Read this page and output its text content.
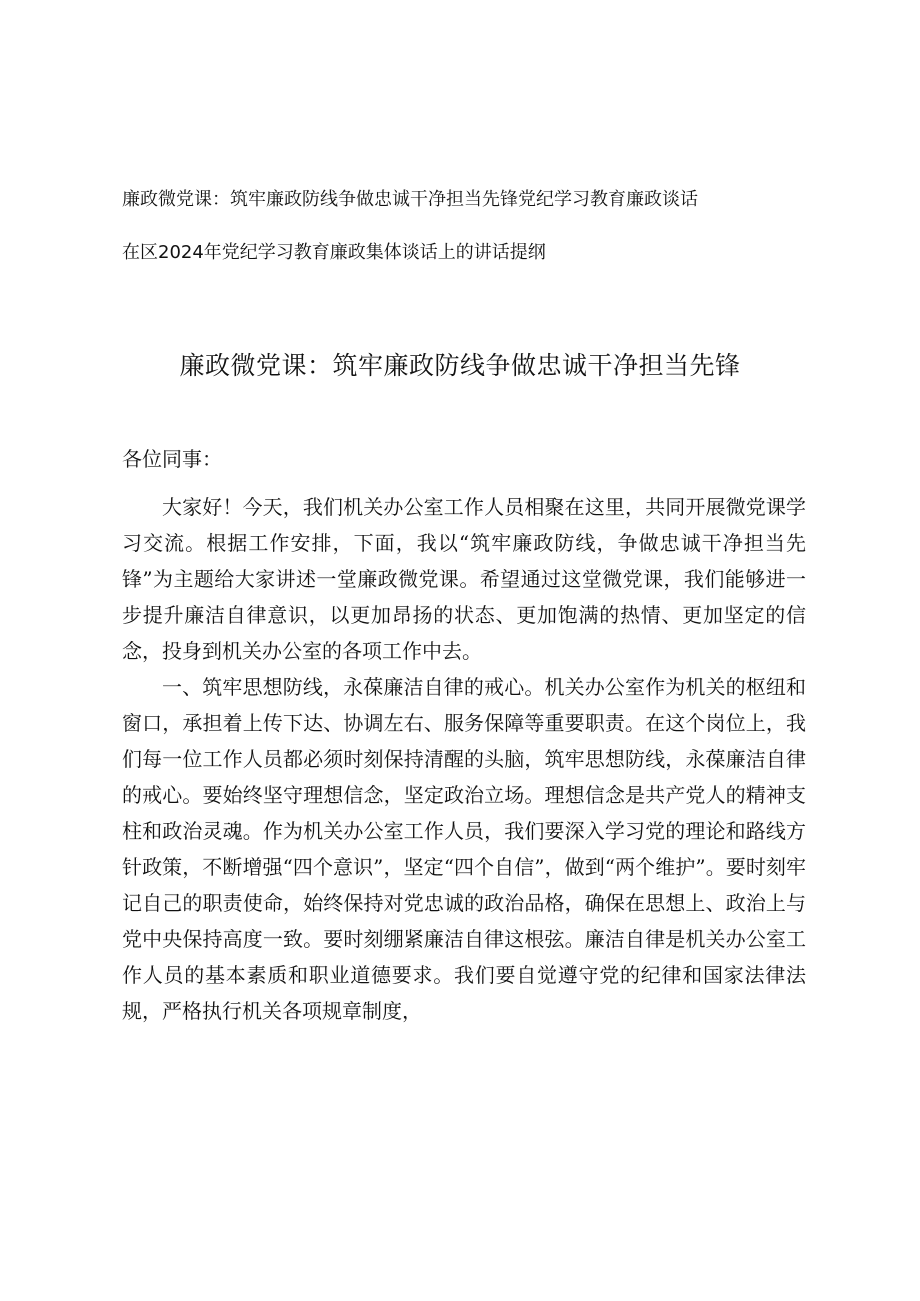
廉政微党课：筑牢廉政防线争做忠诚干净担当先锋党纪学习教育廉政谈话

在区2024年党纪学习教育廉政集体谈话上的讲话提纲

廉政微党课：筑牢廉政防线争做忠诚干净担当先锋

各位同事：

大家好！今天，我们机关办公室工作人员相聚在这里，共同开展微党课学习交流。根据工作安排，下面，我以“筑牢廉政防线，争做忠诚干净担当先锋”为主题给大家讲述一堂廉政微党课。希望通过这堂微党课，我们能够进一步提升廉洁自律意识，以更加昂扬的状态、更加饱满的热情、更加坚定的信念，投身到机关办公室的各项工作中去。

一、筑牢思想防线，永葆廉洁自律的戒心。机关办公室作为机关的枢纽和窗口，承担着上传下达、协调左右、服务保障等重要职责。在这个岗位上，我们每一位工作人员都必须时刻保持清醒的头脑，筑牢思想防线，永葆廉洁自律的戒心。要始终坚守理想信念，坚定政治立场。理想信念是共产党人的精神支柱和政治灵魂。作为机关办公室工作人员，我们要深入学习党的理论和路线方针政策，不断增强“四个意识”，坚定“四个自信”，做到“两个维护”。要时刻牢记自己的职责使命，始终保持对党忠诚的政治品格，确保在思想上、政治上与党中央保持高度一致。要时刻绷紧廉洁自律这根弦。廉洁自律是机关办公室工作人员的基本素质和职业道德要求。我们要自觉遵守党的纪律和国家法律法规，严格执行机关各项规章制度，
